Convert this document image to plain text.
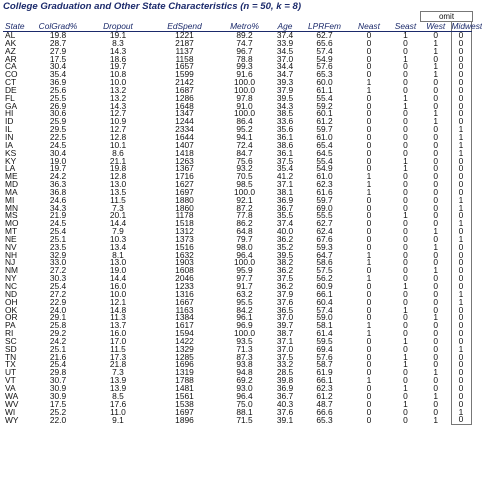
College Graduation and Other State Characteristics (n = 50, k = 8)
omit
State	ColGrad%	Dropout	EdSpend	Metro%	Age	LPRFem	Neast	Seast	West	Midwest
AL	19.8	19.1	1221	89.2	37.4	62.7	0	1	0	0
AK	28.7	8.3	2187	74.7	33.9	65.6	0	0	1	0
AZ	27.9	14.3	1137	96.7	34.5	57.4	0	0	1	0
AR	17.5	18.6	1158	78.8	37.0	54.9	0	1	0	0
CA	30.4	19.7	1657	99.3	34.4	57.6	0	0	1	0
CO	35.4	10.8	1599	91.6	34.7	65.3	0	0	1	0
CT	36.9	10.0	2142	100.0	39.3	60.0	1	0	0	0
DE	25.6	13.2	1687	100.0	37.9	61.1	1	0	0	0
FL	25.5	13.2	1286	97.8	39.5	55.4	0	1	0	0
GA	26.9	14.3	1648	91.0	34.3	59.2	0	1	0	0
HI	30.6	12.7	1347	100.0	38.5	60.1	0	0	1	0
ID	25.9	10.9	1244	86.4	33.6	61.2	0	0	1	0
IL	29.5	12.7	2334	95.2	35.6	59.7	0	0	0	1
IN	22.5	12.8	1644	94.1	36.1	61.0	0	0	0	1
IA	24.5	10.1	1407	72.4	38.6	65.4	0	0	0	1
KS	30.4	8.6	1418	84.7	36.1	64.5	0	0	0	1
KY	19.0	21.1	1263	75.6	37.5	55.4	0	1	0	0
LA	19.7	19.8	1367	93.2	35.4	54.9	0	1	0	0
ME	24.2	12.8	1716	70.5	41.2	61.0	1	0	0	0
MD	36.3	13.0	1627	98.5	37.1	62.3	1	0	0	0
MA	36.8	13.5	1697	100.0	38.1	61.6	1	0	0	0
MI	24.6	11.5	1880	92.1	36.9	59.7	0	0	0	1
MN	34.3	7.3	1860	87.2	36.7	69.0	0	0	0	1
MS	21.9	20.1	1178	77.8	35.5	55.5	0	1	0	0
MO	24.5	14.4	1518	86.2	37.4	62.7	0	0	0	1
MT	25.4	7.9	1312	64.8	40.0	62.4	0	0	1	0
NE	25.1	10.3	1373	79.7	36.2	67.6	0	0	0	1
NV	23.5	13.4	1516	98.0	35.2	59.3	0	0	1	0
NH	32.9	8.1	1632	96.4	39.5	64.7	1	0	0	0
NJ	33.0	13.0	1903	100.0	38.2	58.6	1	0	0	0
NM	27.2	19.0	1608	95.9	36.2	57.5	0	0	1	0
NY	30.3	14.4	2046	97.7	37.5	56.2	1	0	0	0
NC	25.4	16.0	1233	91.7	36.2	60.9	0	1	0	0
ND	27.2	10.0	1316	63.2	37.9	66.1	0	0	0	1
OH	22.9	12.1	1667	95.5	37.6	60.4	0	0	0	1
OK	24.0	14.8	1163	84.2	36.5	57.4	0	1	0	0
OR	29.1	11.3	1384	96.1	37.0	59.0	0	0	1	0
PA	25.8	13.7	1617	96.9	39.7	58.1	1	0	0	0
RI	29.2	16.0	1594	100.0	38.7	61.4	1	0	0	0
SC	24.2	17.0	1422	93.5	37.1	59.5	0	1	0	0
SD	25.1	11.5	1329	71.3	37.0	69.4	0	0	0	1
TN	21.6	17.3	1285	87.3	37.5	57.6	0	1	0	0
TX	25.4	21.8	1696	93.8	33.2	58.7	0	1	0	0
UT	29.8	7.3	1319	94.8	28.5	61.9	0	0	1	0
VT	30.7	13.9	1788	69.2	39.8	66.1	1	0	0	0
VA	30.9	13.9	1481	93.0	36.9	62.3	0	1	0	0
WA	30.9	8.5	1561	96.4	36.7	61.2	0	0	1	0
WV	17.5	17.6	1538	75.0	40.3	48.7	0	1	0	0
WI	25.2	11.0	1697	88.1	37.6	66.6	0	0	0	1
WY	22.0	9.1	1896	71.5	39.1	65.3	0	0	1	0
